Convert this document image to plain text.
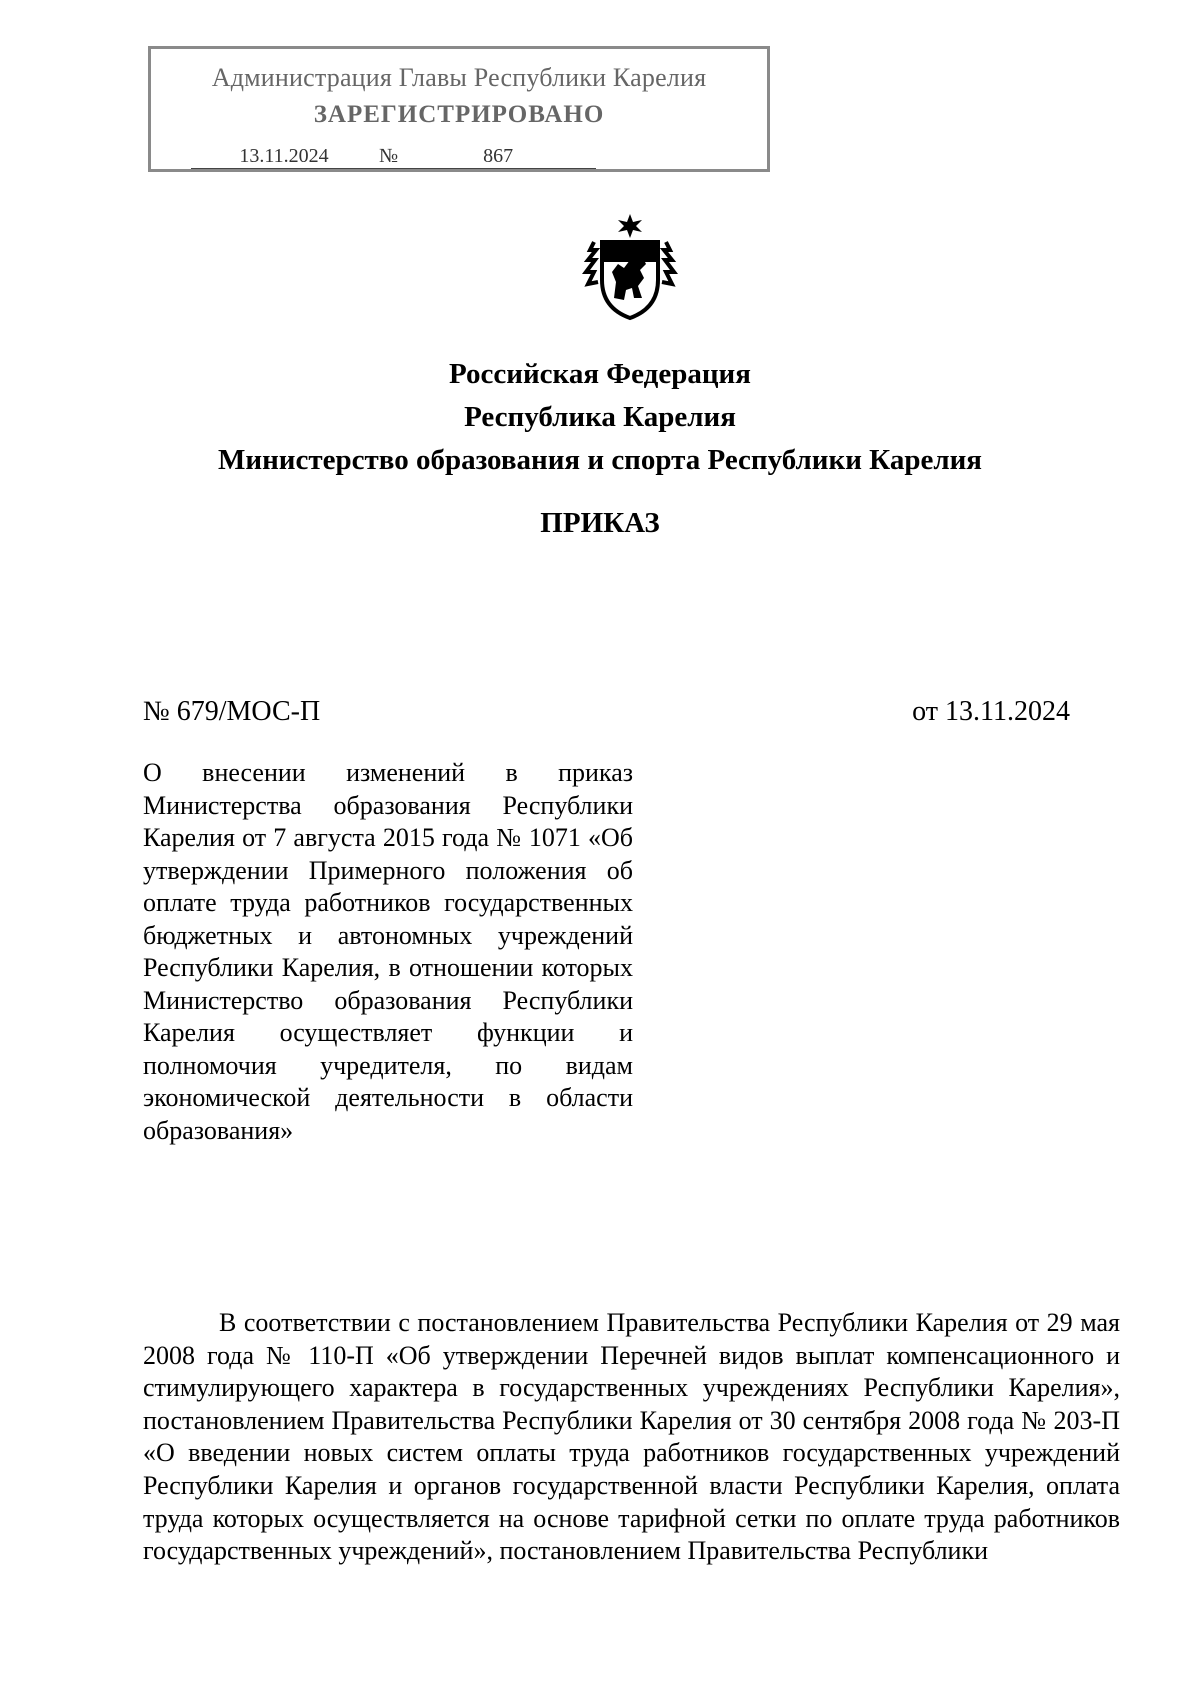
Администрация Главы Республики Карелия
ЗАРЕГИСТРИРОВАНО
13.11.2024	№	867
Российская Федерация
Республика Карелия
Министерство образования и спорта Республики Карелия
ПРИКАЗ
№ 679/МОС-П	от 13.11.2024
О внесении изменений в приказ Министерства образования Республики Карелия от 7 августа 2015 года № 1071 «Об утверждении Примерного положения об оплате труда работников государственных бюджетных и автономных учреждений Республики Карелия, в отношении которых Министерство образования Республики Карелия осуществляет функции и полномочия учредителя, по видам экономической деятельности в области
образования»
В соответствии с постановлением Правительства Республики Карелия от 29 мая 2008 года № 110-П «Об утверждении Перечней видов выплат компенсационного и стимулирующего характера в государственных учреждениях Республики Карелия», постановлением Правительства Республики Карелия от 30 сентября 2008 года № 203-П «О введении новых систем оплаты труда работников государственных учреждений Республики Карелия и органов государственной власти Республики Карелия, оплата труда которых осуществляется на основе тарифной сетки по оплате труда работников государственных учреждений», постановлением Правительства Республики
